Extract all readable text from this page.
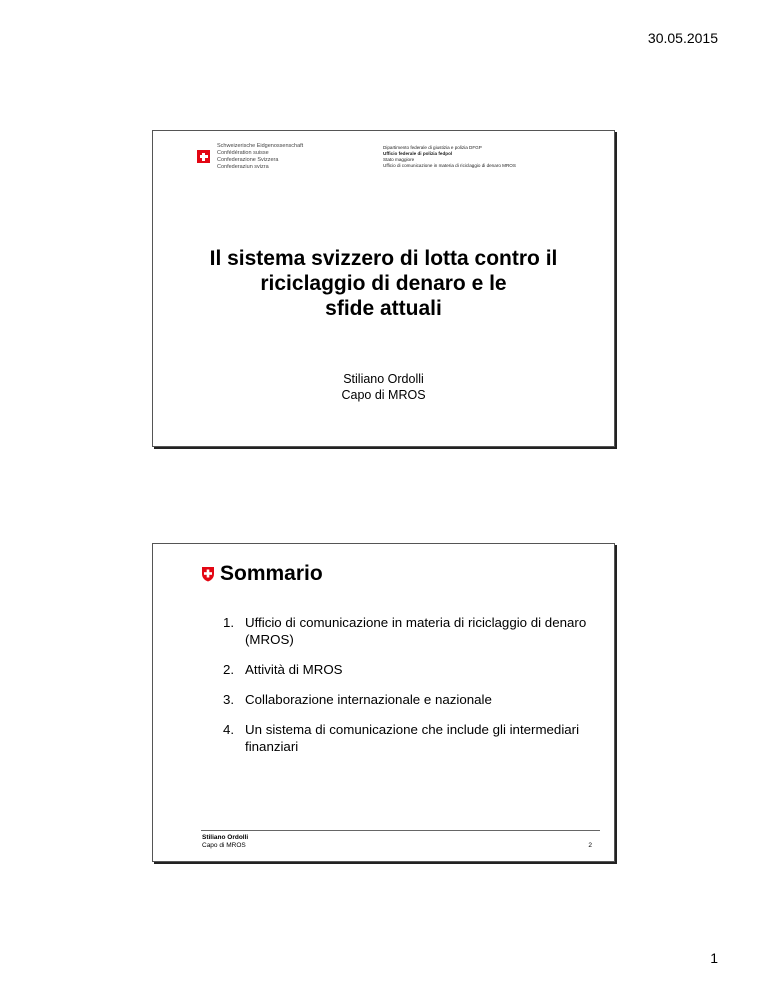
30.05.2015
Schweizerische Eidgenossenschaft
Confédération suisse
Confederazione Svizzera
Confederaziun svizra
Dipartimento federale di giustizia e polizia DFGP
Ufficio federale di polizia fedpol
Stato maggiore
Ufficio di comunicazione in materia di riciclaggio di denaro MROS
Il sistema svizzero di lotta contro il
riciclaggio di denaro e le
sfide attuali
Stiliano Ordolli
Capo di MROS
Sommario
1. Ufficio di comunicazione in materia di riciclaggio di denaro (MROS)
2. Attività di MROS
3. Collaborazione internazionale e nazionale
4. Un sistema di comunicazione che include gli intermediari finanziari
Stiliano Ordolli
Capo di MROS	2
1
